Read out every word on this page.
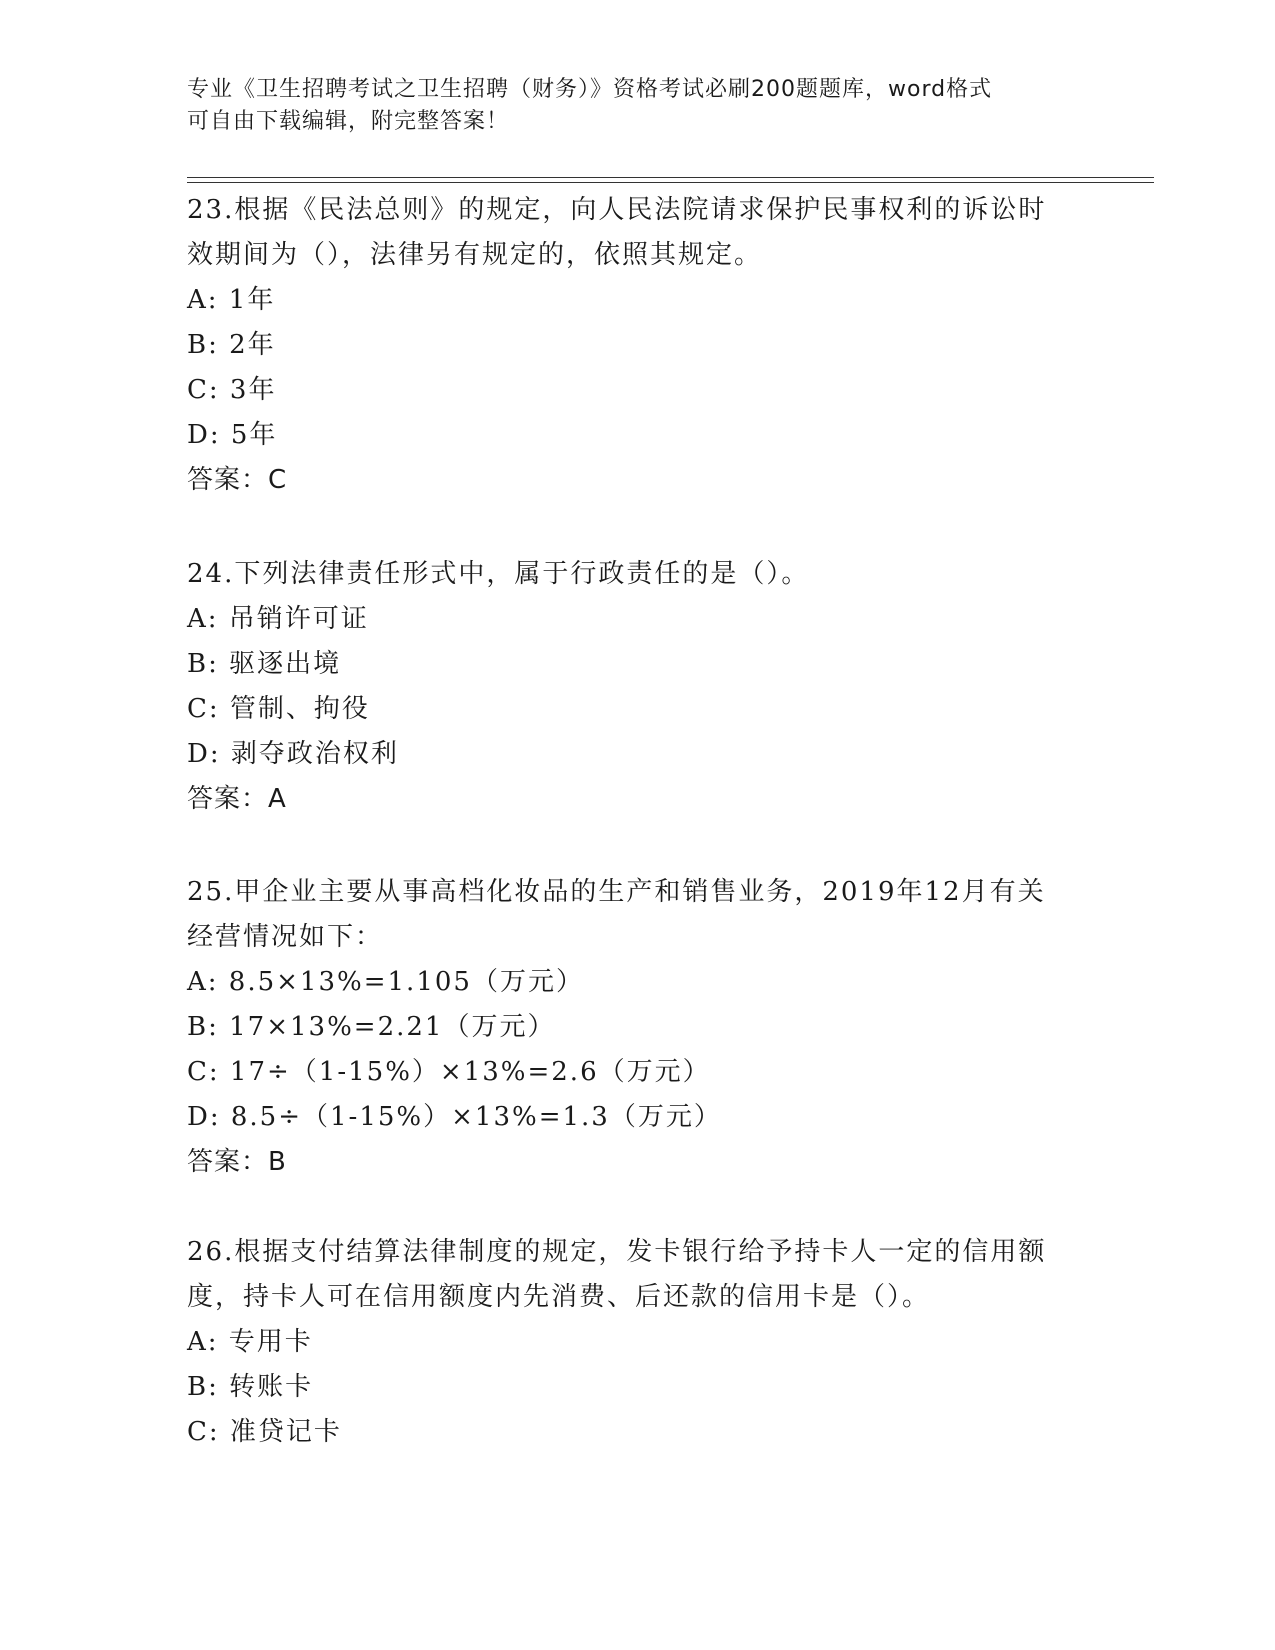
专业《卫生招聘考试之卫生招聘（财务）》资格考试必刷200题题库，word格式
可自由下载编辑，附完整答案！
23.根据《民法总则》的规定，向人民法院请求保护民事权利的诉讼时
效期间为（），法律另有规定的，依照其规定。
A: 1年
B: 2年
C: 3年
D: 5年
答案：C
24.下列法律责任形式中，属于行政责任的是（）。
A: 吊销许可证
B: 驱逐出境
C: 管制、拘役
D: 剥夺政治权利
答案：A
25.甲企业主要从事高档化妆品的生产和销售业务，2019年12月有关
经营情况如下：
A: 8.5×13%=1.105（万元）
B: 17×13%=2.21（万元）
C: 17÷（1-15%）×13%=2.6（万元）
D: 8.5÷（1-15%）×13%=1.3（万元）
答案：B
26.根据支付结算法律制度的规定，发卡银行给予持卡人一定的信用额
度，持卡人可在信用额度内先消费、后还款的信用卡是（）。
A: 专用卡
B: 转账卡
C: 准贷记卡
